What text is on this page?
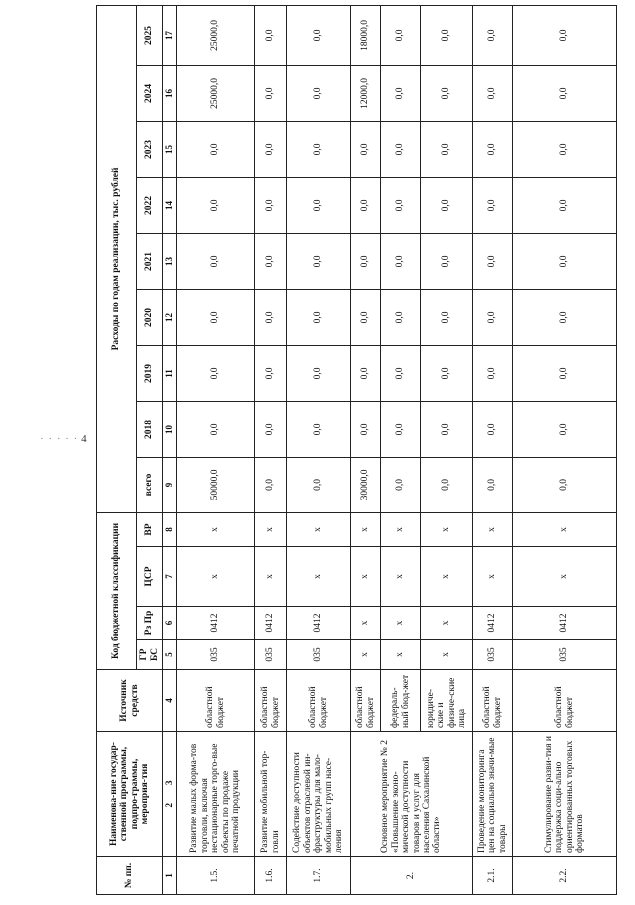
· · · · · 4
№ пп.	Наименова-ние государ-ственной программы, подпро-граммы, мероприя-тия	Источник средств	Код бюджетной классификации				Расходы по годам реализации, тыс. рублей								
			ГР БС	Рз Пр	ЦСР	ВР	всего	2018	2019	2020	2021	2022	2023	2024	2025
1	2        3	4	5	6	7	8	9	10	11	12	13	14	15	16	17
1.5.	Развитие малых форма-тов торговли, включая нестационарные торго-вые объекты по продаже печатной продукции	областной бюджет	035	0412	х	х	50000,0	0,0	0,0	0,0	0,0	0,0	0,0	25000,0	25000,0
1.6.	Развитие мобильной тор-говли	областной бюджет	035	0412	х	х	0,0	0,0	0,0	0,0	0,0	0,0	0,0	0,0	0,0
1.7.	Содействие доступности объектов отраслевой ин-фраструктуры для мало-мобильных групп насе-ления	областной бюджет	035	0412	х	х	0,0	0,0	0,0	0,0	0,0	0,0	0,0	0,0	0,0
2.	Основное мероприятие № 2 «Повышение эконо-мической доступности товаров и услуг для населения Сахалинской области»	областной бюджет	х	х	х	х	30000,0	0,0	0,0	0,0	0,0	0,0	0,0	12000,0	18000,0
		федераль-ный бюд-жет	х	х	х	х	0,0	0,0	0,0	0,0	0,0	0,0	0,0	0,0	0,0
		юридиче-ские и физиче-ские лица	х	х	х	х	0,0	0,0	0,0	0,0	0,0	0,0	0,0	0,0	0,0
2.1.	Проведение мониторинга цен на социально значи-мые товары	областной бюджет	035	0412	х	х	0,0	0,0	0,0	0,0	0,0	0,0	0,0	0,0	0,0
2.2.	Стимулирование разви-тия и поддержка соци-ально ориентированных торговых форматов	областной бюджет	035	0412	х	х	0,0	0,0	0,0	0,0	0,0	0,0	0,0	0,0	0,0
